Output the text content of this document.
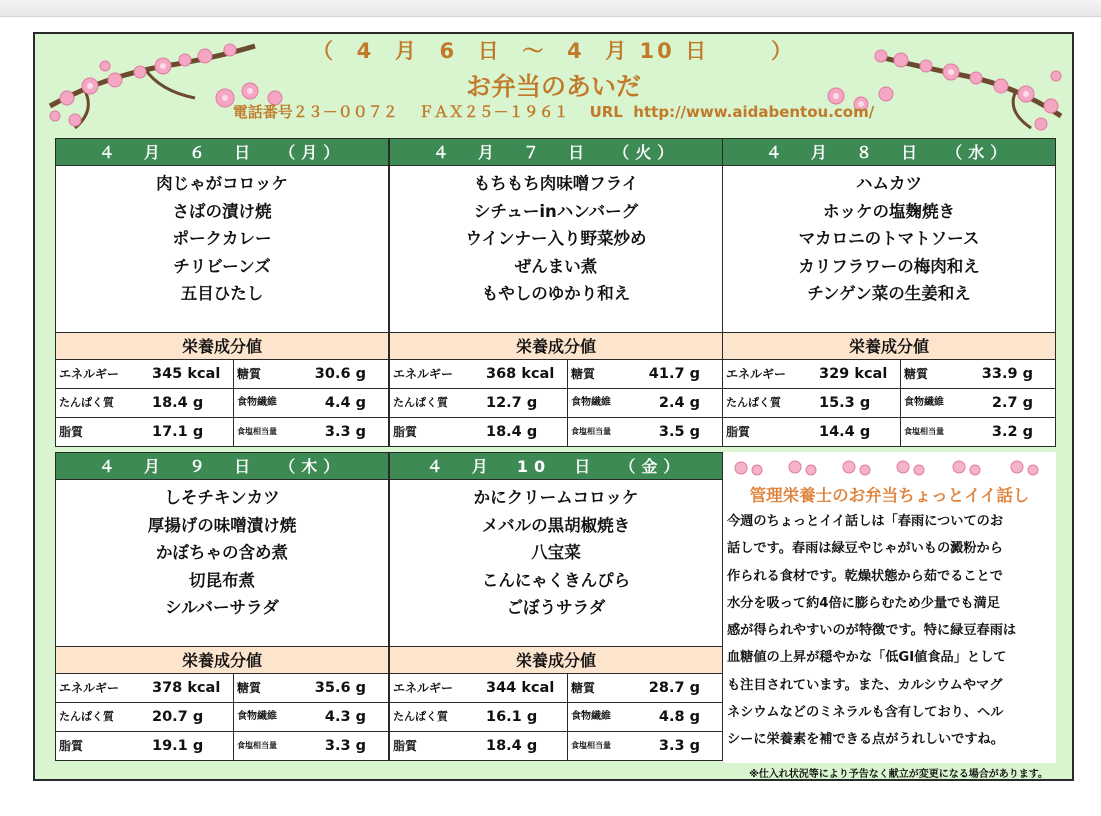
（  4  月  6  日  ～  4  月 10 日      ）
お弁当のあいだ
電話番号２３－００７２    ＦＡＸ２５－１９６１    URL  http://www.aidabentou.com/
４  月  ６  日  （月）
肉じゃがコロッケ
さばの漬け焼
ポークカレー
チリビーンズ
五目ひたし
栄養成分値
エネルギー 345 kcal 糖質	30.6 g
たんぱく質	18.4 g	食物繊維	4.4 g
脂質	17.1 g	食塩相当量	3.3 g
４  月  ７  日  （火）
もちもち肉味噌フライ
シチューinハンバーグ
ウインナー入り野菜炒め
ぜんまい煮
もやしのゆかり和え
栄養成分値
エネルギー 368 kcal 糖質	41.7 g
たんぱく質	12.7 g	食物繊維	2.4 g
脂質	18.4 g	食塩相当量	3.5 g
４  月  ８  日  （水）
ハムカツ
ホッケの塩麹焼き
マカロニのトマトソース
カリフラワーの梅肉和え
チンゲン菜の生姜和え
栄養成分値
エネルギー 329 kcal 糖質	33.9 g
たんぱく質	15.3 g	食物繊維	2.7 g
脂質	14.4 g	食塩相当量	3.2 g
４  月  ９  日  （木）
しそチキンカツ
厚揚げの味噌漬け焼
かぼちゃの含め煮
切昆布煮
シルバーサラダ
栄養成分値
エネルギー 378 kcal 糖質	35.6 g
たんぱく質	20.7 g	食物繊維	4.3 g
脂質	19.1 g	食塩相当量	3.3 g
４  月  10  日  （金）
かにクリームコロッケ
メバルの黒胡椒焼き
八宝菜
こんにゃくきんぴら
ごぼうサラダ
栄養成分値
エネルギー 344 kcal 糖質	28.7 g
たんぱく質	16.1 g	食物繊維	4.8 g
脂質	18.4 g	食塩相当量	3.3 g
管理栄養士のお弁当ちょっとイイ話し
今週のちょっとイイ話しは「春雨についてのお
話しです。春雨は緑豆やじゃがいもの澱粉から
作られる食材です。乾燥状態から茹でることで
水分を吸って約4倍に膨らむため少量でも満足
感が得られやすいのが特徴です。特に緑豆春雨は
血糖値の上昇が穏やかな「低GI値食品」として
も注目されています。また、カルシウムやマグ
ネシウムなどのミネラルも含有しており、ヘル
シーに栄養素を補できる点がうれしいですね。
※仕入れ状況等により予告なく献立が変更になる場合があります。
